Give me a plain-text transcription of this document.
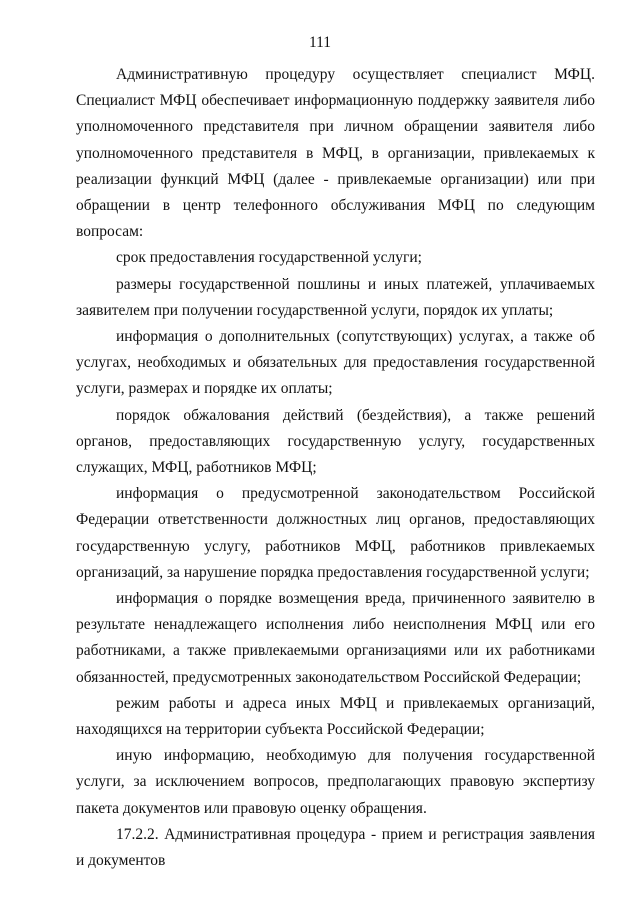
111

Административную процедуру осуществляет специалист МФЦ. Специалист МФЦ обеспечивает информационную поддержку заявителя либо уполномоченного представителя при личном обращении заявителя либо уполномоченного представителя в МФЦ, в организации, привлекаемых к реализации функций МФЦ (далее - привлекаемые организации) или при обращении в центр телефонного обслуживания МФЦ по следующим вопросам:

срок предоставления государственной услуги;

размеры государственной пошлины и иных платежей, уплачиваемых заявителем при получении государственной услуги, порядок их уплаты;

информация о дополнительных (сопутствующих) услугах, а также об услугах, необходимых и обязательных для предоставления государственной услуги, размерах и порядке их оплаты;

порядок обжалования действий (бездействия), а также решений органов, предоставляющих государственную услугу, государственных служащих, МФЦ, работников МФЦ;

информация о предусмотренной законодательством Российской Федерации ответственности должностных лиц органов, предоставляющих государственную услугу, работников МФЦ, работников привлекаемых организаций, за нарушение порядка предоставления государственной услуги;

информация о порядке возмещения вреда, причиненного заявителю в результате ненадлежащего исполнения либо неисполнения МФЦ или его работниками, а также привлекаемыми организациями или их работниками обязанностей, предусмотренных законодательством Российской Федерации;

режим работы и адреса иных МФЦ и привлекаемых организаций, находящихся на территории субъекта Российской Федерации;

иную информацию, необходимую для получения государственной услуги, за исключением вопросов, предполагающих правовую экспертизу пакета документов или правовую оценку обращения.

17.2.2. Административная процедура - прием и регистрация заявления и документов
